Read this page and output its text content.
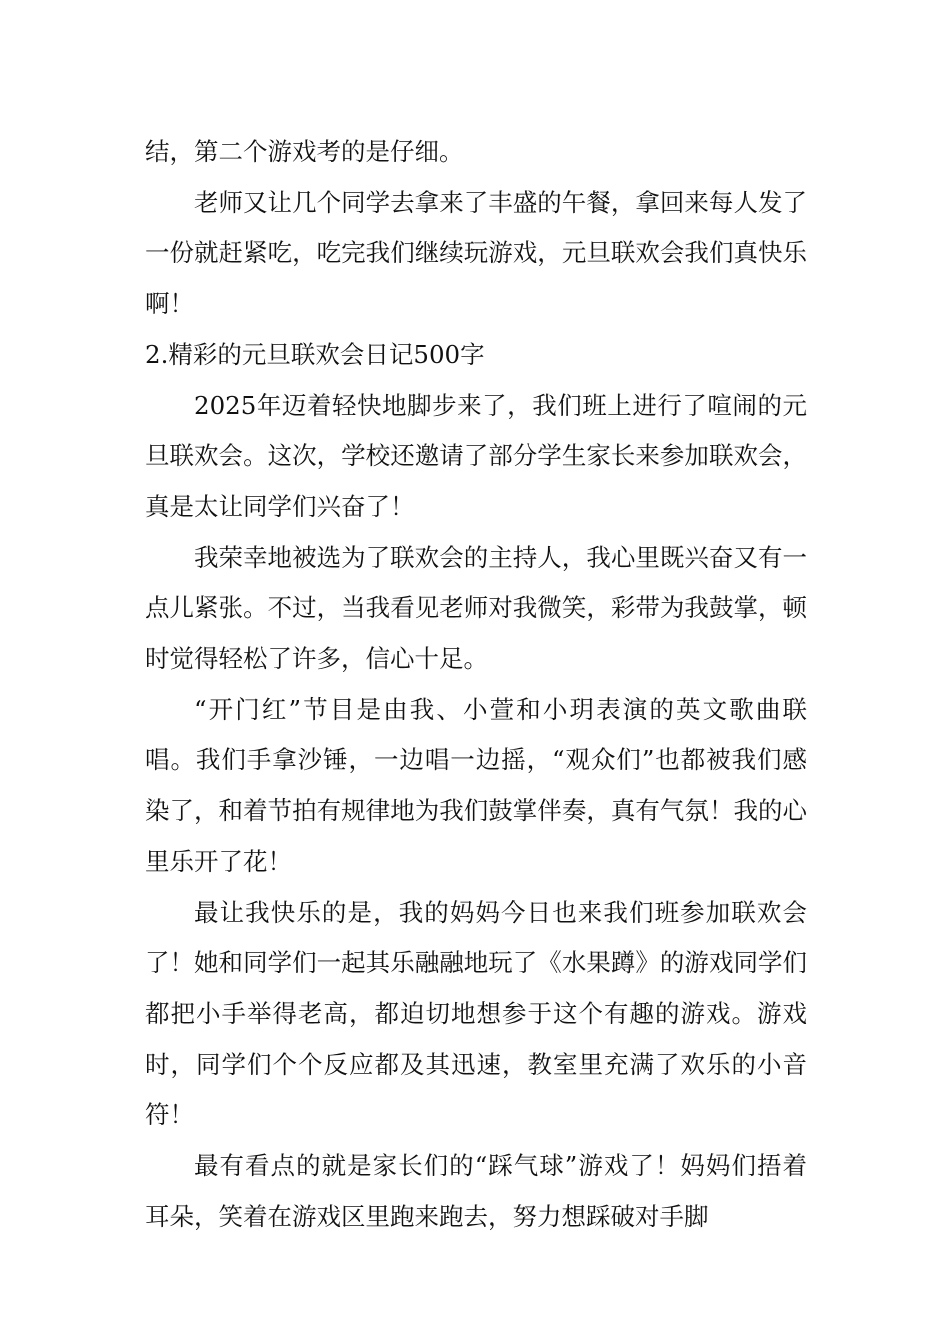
结，第二个游戏考的是仔细。

老师又让几个同学去拿来了丰盛的午餐，拿回来每人发了一份就赶紧吃，吃完我们继续玩游戏，元旦联欢会我们真快乐啊！

2.精彩的元旦联欢会日记500字

2025年迈着轻快地脚步来了，我们班上进行了喧闹的元旦联欢会。这次，学校还邀请了部分学生家长来参加联欢会，真是太让同学们兴奋了！

我荣幸地被选为了联欢会的主持人，我心里既兴奋又有一点儿紧张。不过，当我看见老师对我微笑，彩带为我鼓掌，顿时觉得轻松了许多，信心十足。

“开门红”节目是由我、小萱和小玥表演的英文歌曲联唱。我们手拿沙锤，一边唱一边摇，“观众们”也都被我们感染了，和着节拍有规律地为我们鼓掌伴奏，真有气氛！我的心里乐开了花！

最让我快乐的是，我的妈妈今日也来我们班参加联欢会了！她和同学们一起其乐融融地玩了《水果蹲》的游戏同学们都把小手举得老高，都迫切地想参于这个有趣的游戏。游戏时，同学们个个反应都及其迅速，教室里充满了欢乐的小音符！

最有看点的就是家长们的“踩气球”游戏了！妈妈们捂着耳朵，笑着在游戏区里跑来跑去，努力想踩破对手脚
